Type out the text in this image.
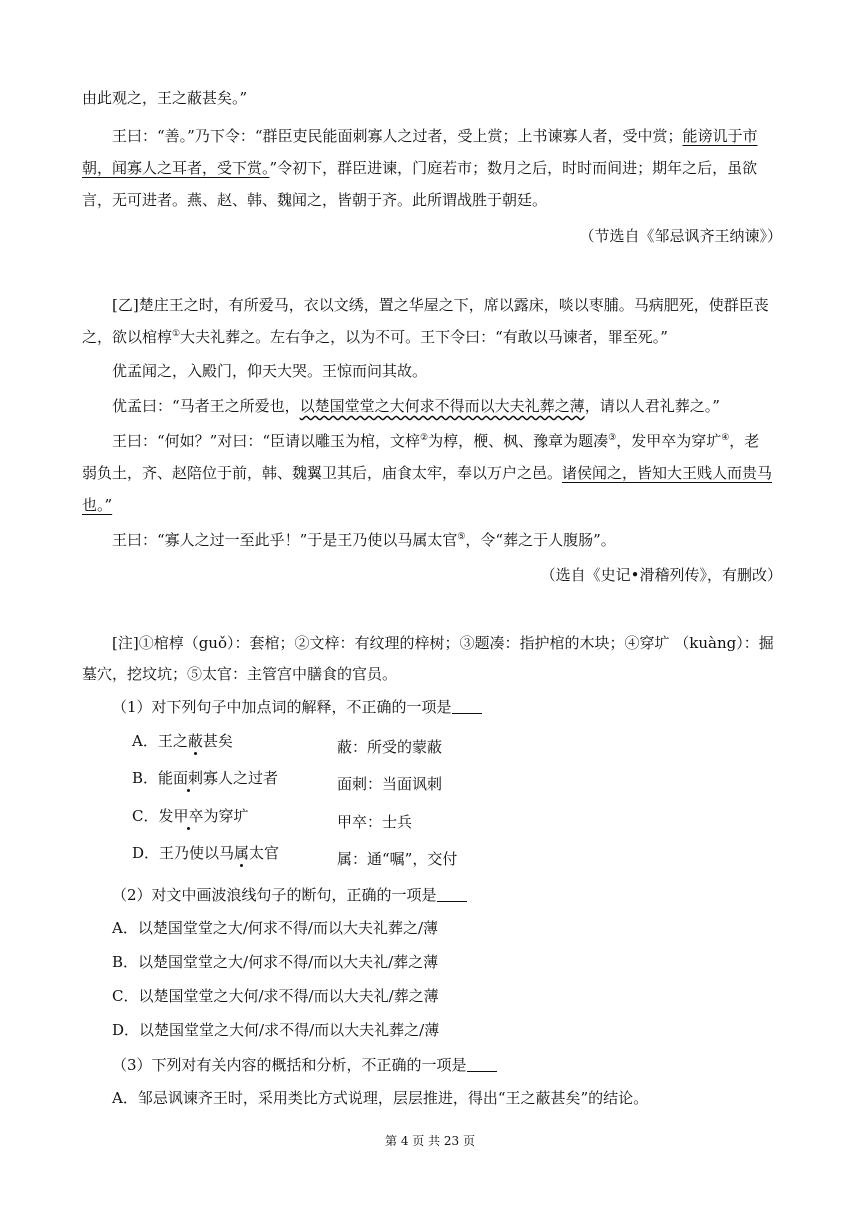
由此观之，王之蔽甚矣。”
王曰：“善。”乃下令：“群臣吏民能面刺寡人之过者，受上赏；上书谏寡人者，受中赏；能谤讥于市
朝，闻寡人之耳者，受下赏。”令初下，群臣进谏，门庭若市；数月之后，时时而间进；期年之后，虽欲
言，无可进者。燕、赵、韩、魏闻之，皆朝于齐。此所谓战胜于朝廷。
（节选自《邹忌讽齐王纳谏》）
[乙]楚庄王之时，有所爱马，衣以文绣，置之华屋之下，席以露床，啖以枣脯。马病肥死，使群臣丧
之，欲以棺椁①大夫礼葬之。左右争之，以为不可。王下令曰：“有敢以马谏者，罪至死。”
优孟闻之，入殿门，仰天大哭。王惊而问其故。
优孟曰：“马者王之所爱也，以楚国堂堂之大何求不得而以大夫礼葬之薄，请以人君礼葬之。”
王曰：“何如？”对曰：“臣请以雕玉为棺，文梓②为椁，楩、枫、豫章为题凑③，发甲卒为穿圹④，老
弱负土，齐、赵陪位于前，韩、魏翼卫其后，庙食太牢，奉以万户之邑。诸侯闻之，皆知大王贱人而贵马
也。”
王曰：“寡人之过一至此乎！”于是王乃使以马属太官⑤，令“葬之于人腹肠”。
（选自《史记•滑稽列传》，有删改）
[注]①棺椁（guǒ）：套棺；②文梓：有纹理的梓树；③题凑：指护棺的木块；④穿圹 （kuàng）：掘
墓穴，挖坟坑；⑤太官：主管宫中膳食的官员。
（1）对下列句子中加点词的解释，不正确的一项是
A．王之蔽甚矣	蔽：所受的蒙蔽
B．能面刺寡人之过者	面刺：当面讽刺
C．发甲卒为穿圹	甲卒：士兵
D．王乃使以马属太官	属：通“嘱”，交付
（2）对文中画波浪线句子的断句，正确的一项是
A．以楚国堂堂之大/何求不得/而以大夫礼葬之/薄
B．以楚国堂堂之大/何求不得/而以大夫礼/葬之薄
C．以楚国堂堂之大何/求不得/而以大夫礼/葬之薄
D．以楚国堂堂之大何/求不得/而以大夫礼葬之/薄
（3）下列对有关内容的概括和分析，不正确的一项是
A．邹忌讽谏齐王时，采用类比方式说理，层层推进，得出“王之蔽甚矣”的结论。
第 4 页 共 23 页
